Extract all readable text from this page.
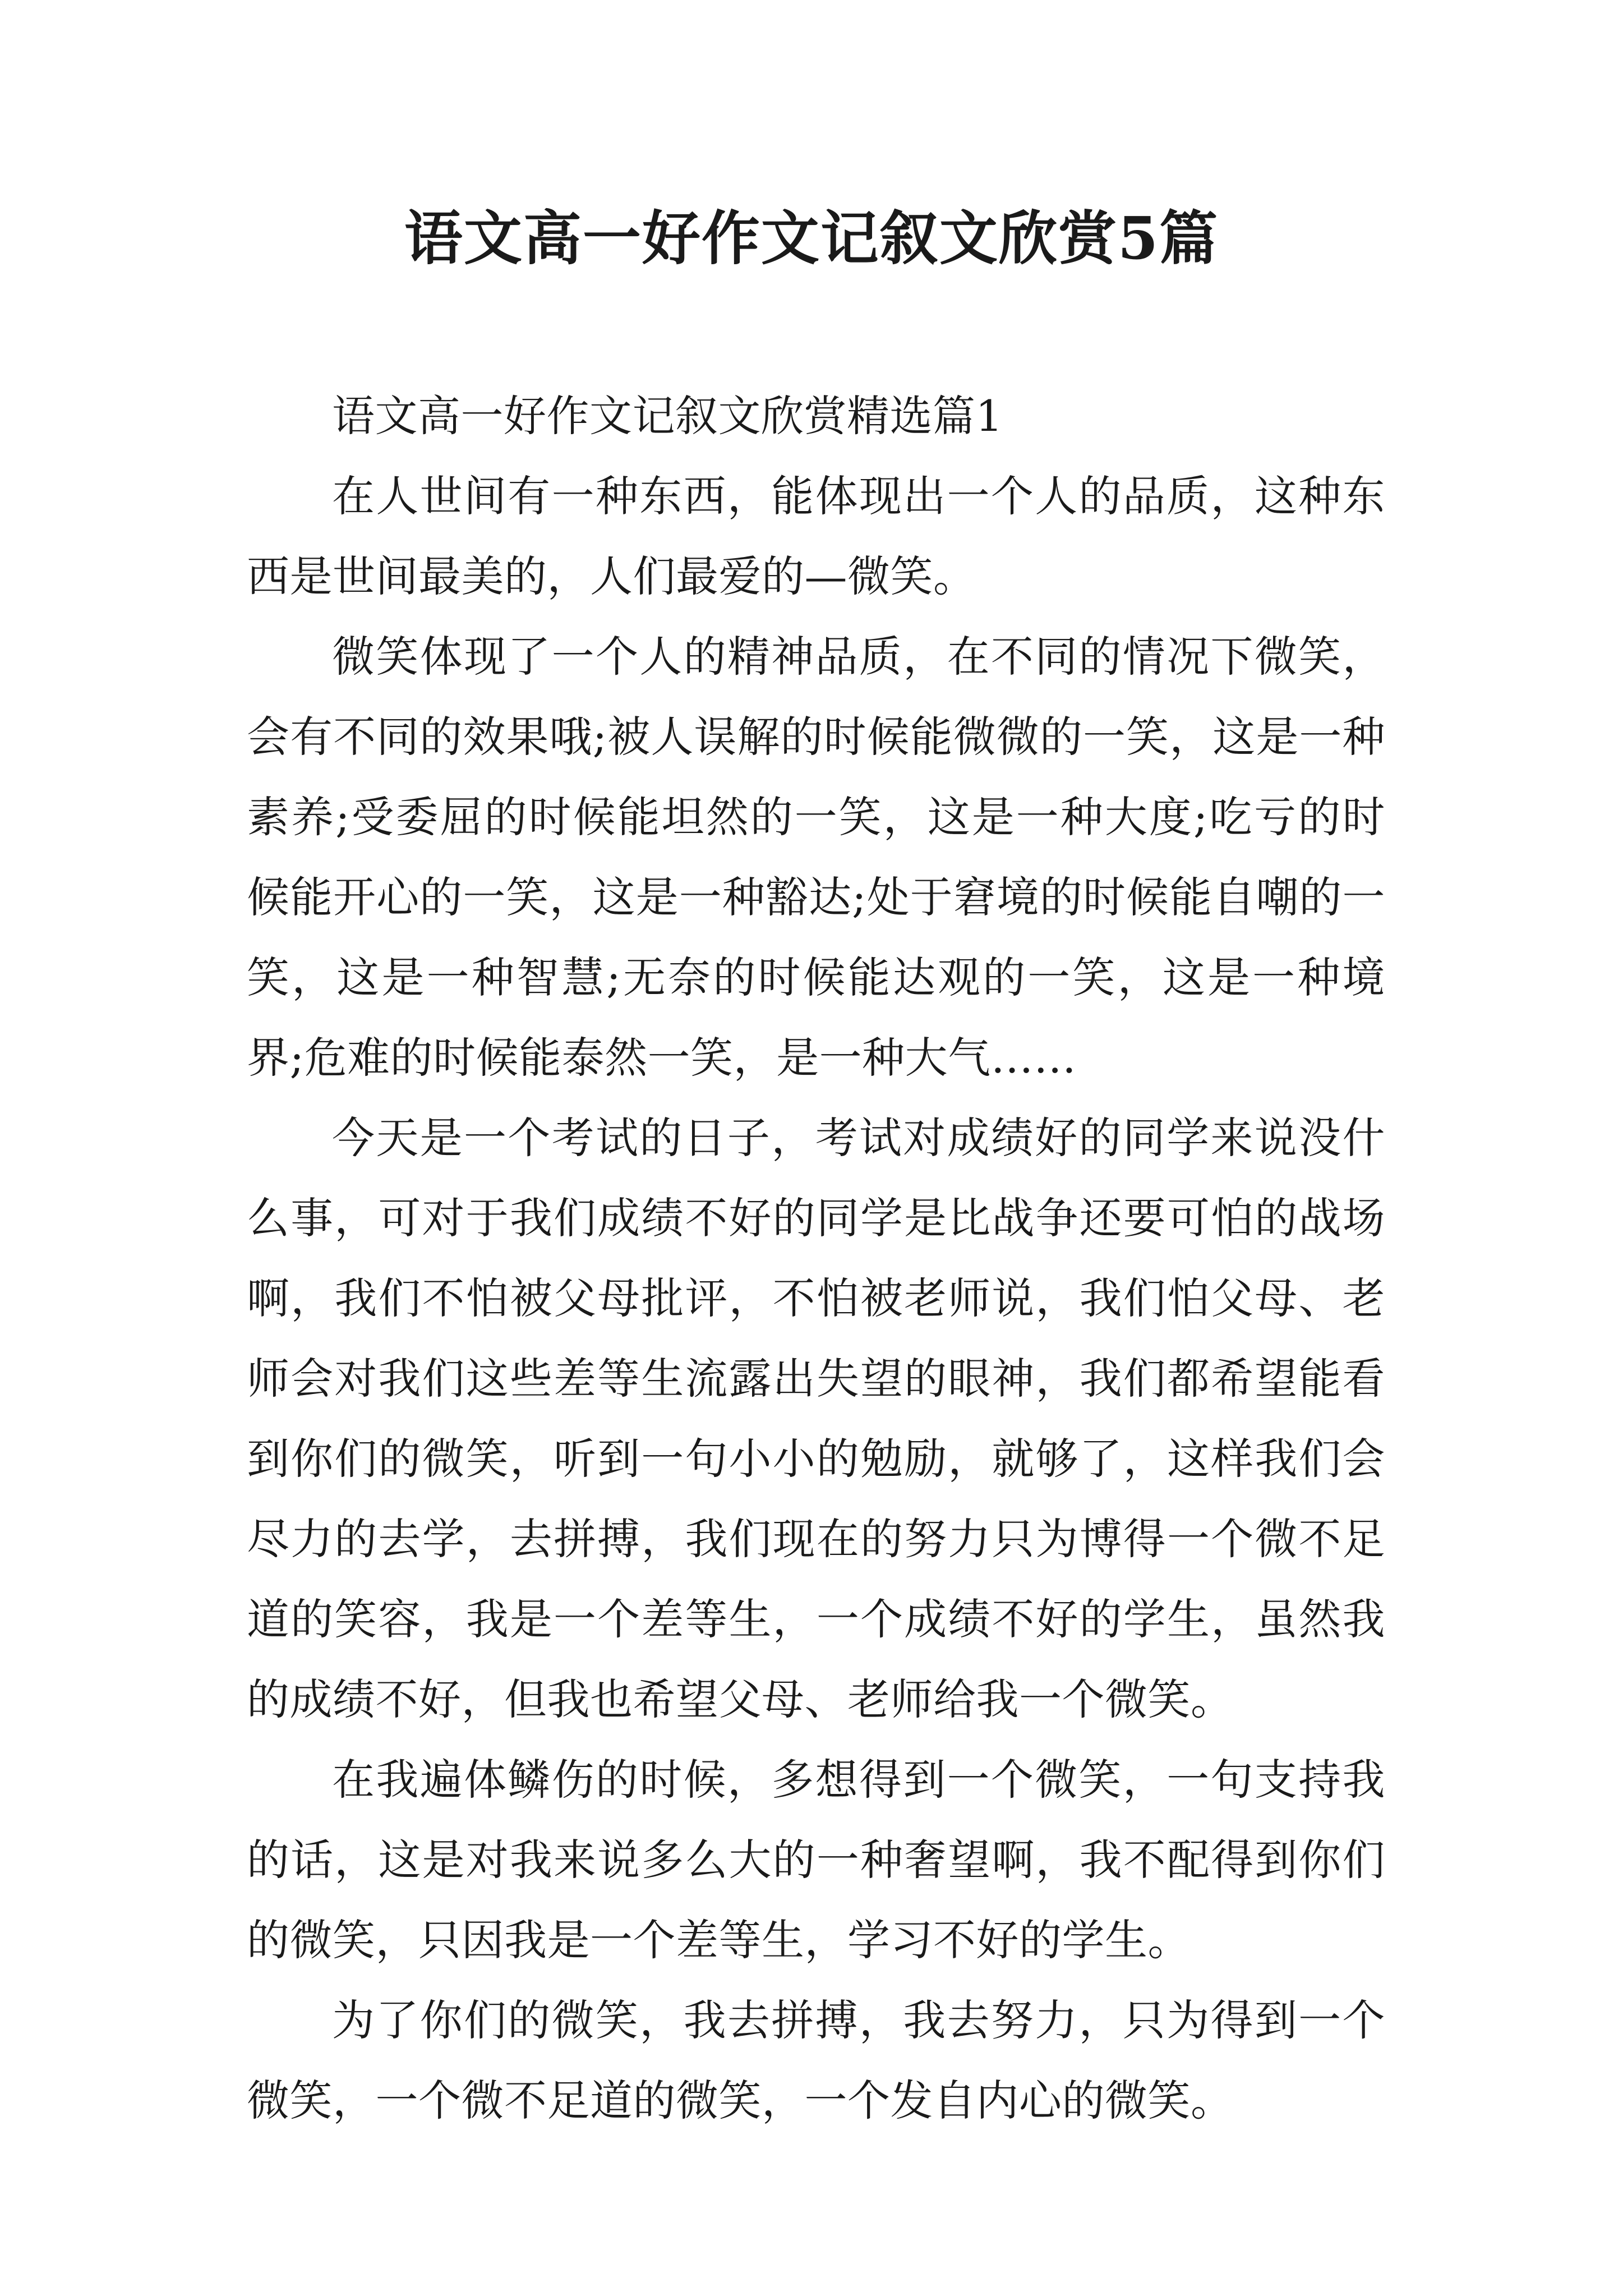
语文高一好作文记叙文欣赏5篇

语文高一好作文记叙文欣赏精选篇1

在人世间有一种东西，能体现出一个人的品质，这种东西是世间最美的，人们最爱的—微笑。

微笑体现了一个人的精神品质，在不同的情况下微笑，会有不同的效果哦;被人误解的时候能微微的一笑，这是一种素养;受委屈的时候能坦然的一笑，这是一种大度;吃亏的时候能开心的一笑，这是一种豁达;处于窘境的时候能自嘲的一笑，这是一种智慧;无奈的时候能达观的一笑，这是一种境界;危难的时候能泰然一笑，是一种大气……

今天是一个考试的日子，考试对成绩好的同学来说没什么事，可对于我们成绩不好的同学是比战争还要可怕的战场啊，我们不怕被父母批评，不怕被老师说，我们怕父母、老师会对我们这些差等生流露出失望的眼神，我们都希望能看到你们的微笑，听到一句小小的勉励，就够了，这样我们会尽力的去学，去拼搏，我们现在的努力只为博得一个微不足道的笑容，我是一个差等生，一个成绩不好的学生，虽然我的成绩不好，但我也希望父母、老师给我一个微笑。

在我遍体鳞伤的时候，多想得到一个微笑，一句支持我的话，这是对我来说多么大的一种奢望啊，我不配得到你们的微笑，只因我是一个差等生，学习不好的学生。

为了你们的微笑，我去拼搏，我去努力，只为得到一个微笑，一个微不足道的微笑，一个发自内心的微笑。
